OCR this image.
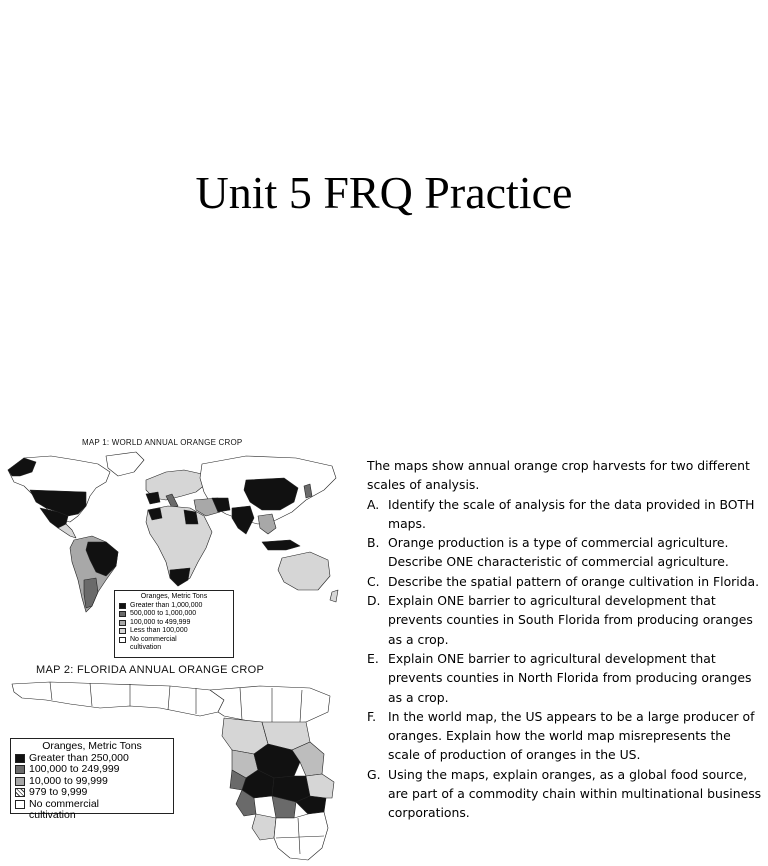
Unit 5 FRQ Practice
MAP 1: WORLD ANNUAL ORANGE CROP
Oranges, Metric Tons
Greater than 1,000,000
500,000 to 1,000,000
100,000 to 499,999
Less than 100,000
No commercial cultivation
MAP 2: FLORIDA ANNUAL ORANGE CROP
Oranges, Metric Tons
Greater than 250,000
100,000 to 249,999
10,000 to 99,999
979 to 9,999
No commercial cultivation

The maps show annual orange crop harvests for two different scales of analysis.

A. Identify the scale of analysis for the data provided in BOTH maps.
B. Orange production is a type of commercial agriculture. Describe ONE characteristic of commercial agriculture.
C. Describe the spatial pattern of orange cultivation in Florida.
D. Explain ONE barrier to agricultural development that prevents counties in South Florida from producing oranges as a crop.
E. Explain ONE barrier to agricultural development that prevents counties in North Florida from producing oranges as a crop.
F. In the world map, the US appears to be a large producer of oranges. Explain how the world map misrepresents the scale of production of oranges in the US.
G. Using the maps, explain oranges, as a global food source, are part of a commodity chain within multinational business corporations.
